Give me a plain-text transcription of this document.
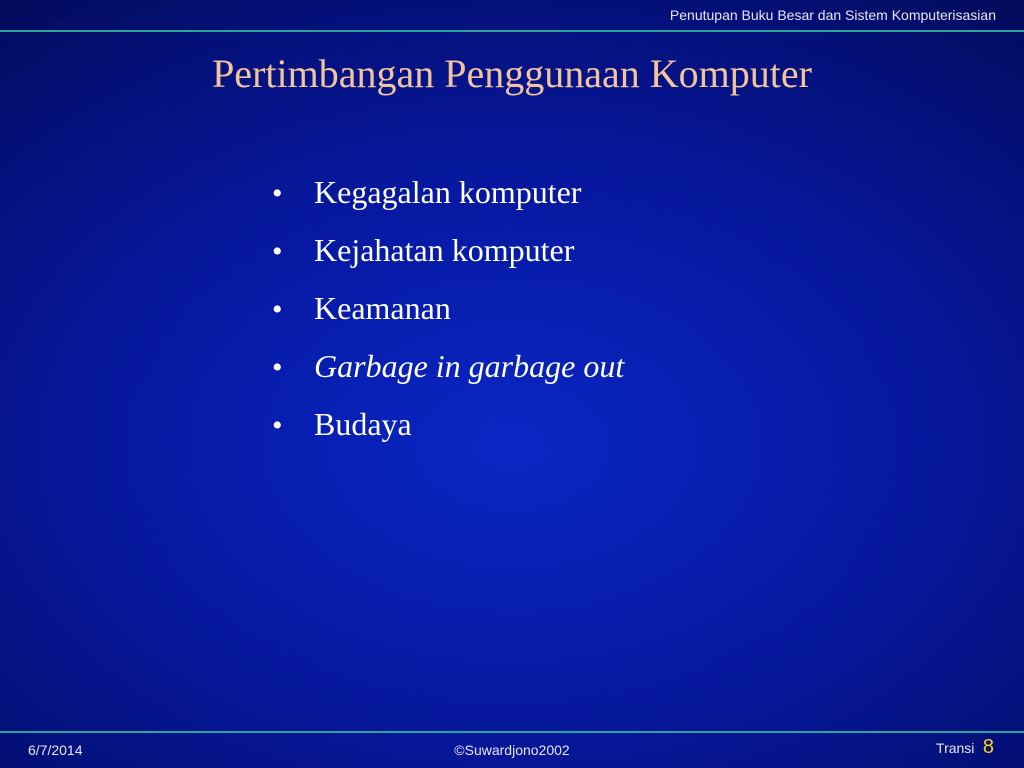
Penutupan Buku Besar dan Sistem Komputerisasian
Pertimbangan Penggunaan Komputer
• Kegagalan komputer
• Kejahatan komputer
• Keamanan
• Garbage in garbage out
• Budaya
6/7/2014	©Suwardjono2002	Transi 8
